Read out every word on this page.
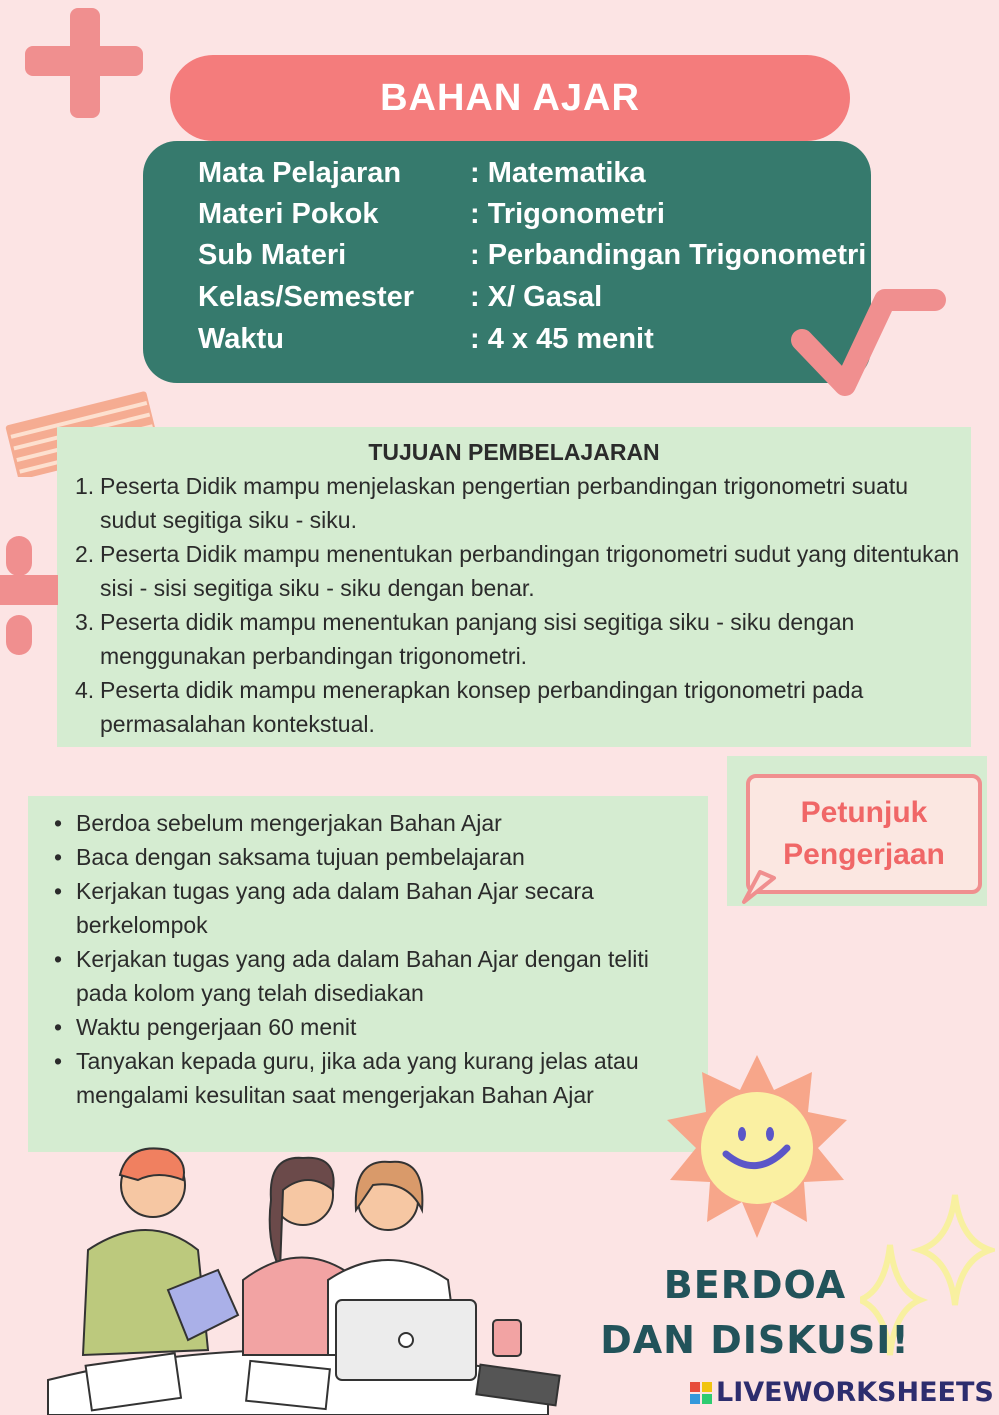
BAHAN AJAR
Mata Pelajaran : Matematika
Materi Pokok	: Trigonometri
Sub Materi	: Perbandingan Trigonometri
Kelas/Semester : X/ Gasal
Waktu	: 4 x 45 menit
TUJUAN PEMBELAJARAN
1. Peserta Didik mampu menjelaskan pengertian perbandingan trigonometri suatu sudut segitiga siku - siku.
2. Peserta Didik mampu menentukan perbandingan trigonometri sudut yang ditentukan sisi - sisi segitiga siku - siku dengan benar.
3. Peserta didik mampu menentukan panjang sisi segitiga siku - siku dengan menggunakan perbandingan trigonometri.
4. Peserta didik mampu menerapkan konsep perbandingan trigonometri pada permasalahan kontekstual.
Petunjuk
Pengerjaan
• Berdoa sebelum mengerjakan Bahan Ajar
• Baca dengan saksama tujuan pembelajaran
• Kerjakan tugas yang ada dalam Bahan Ajar secara berkelompok
• Kerjakan tugas yang ada dalam Bahan Ajar dengan teliti pada kolom yang telah disediakan
• Waktu pengerjaan 60 menit
• Tanyakan kepada guru, jika ada yang kurang jelas atau mengalami kesulitan saat mengerjakan Bahan Ajar
BERDOA
DAN DISKUSI!
LIVEWORKSHEETS
